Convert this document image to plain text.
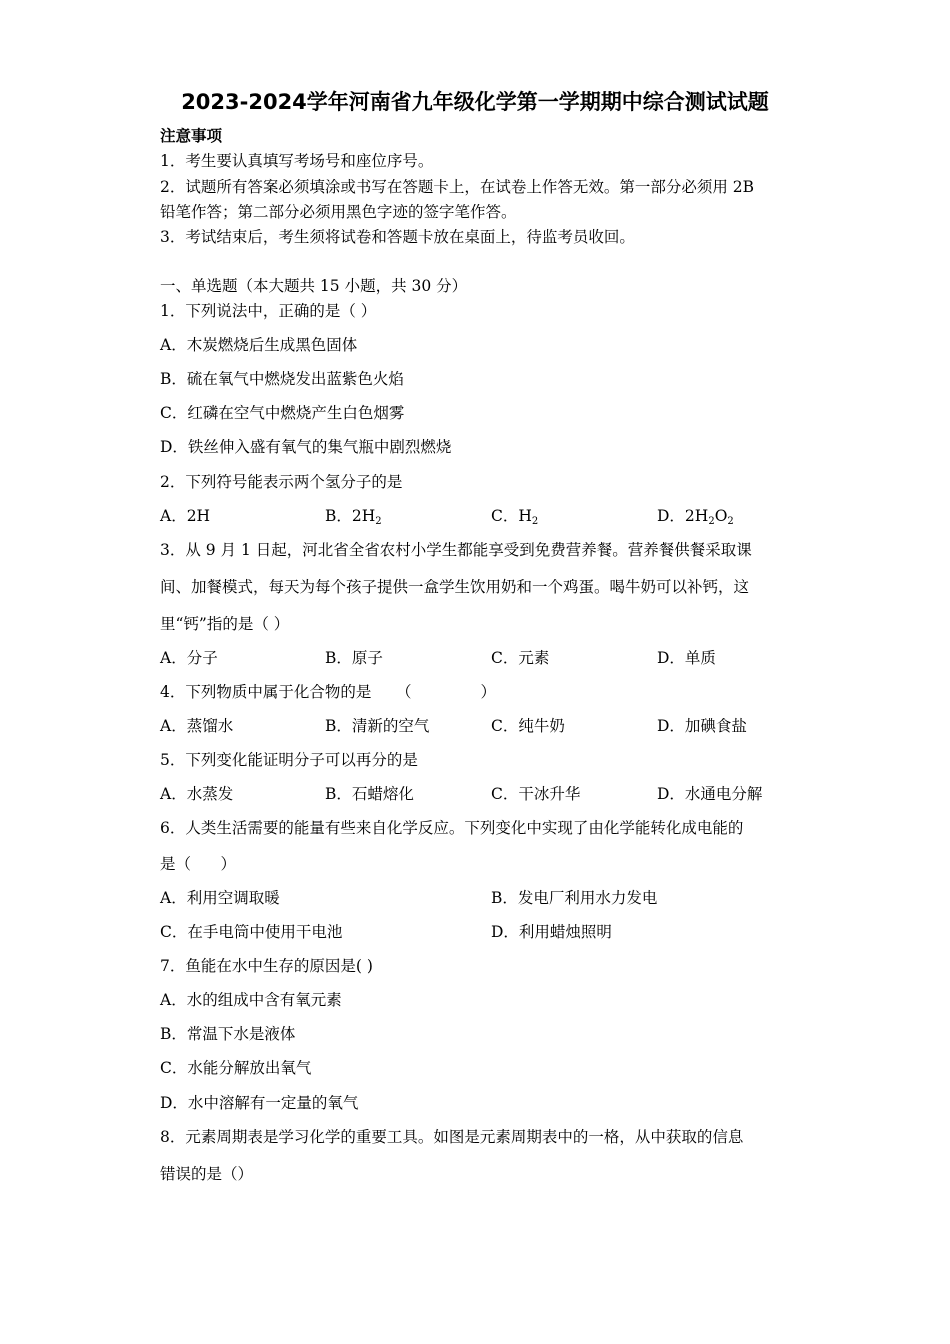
2023-2024学年河南省九年级化学第一学期期中综合测试试题
注意事项
1．考生要认真填写考场号和座位序号。
2．试题所有答案必须填涂或书写在答题卡上，在试卷上作答无效。第一部分必须用 2B
铅笔作答；第二部分必须用黑色字迹的签字笔作答。
3．考试结束后，考生须将试卷和答题卡放在桌面上，待监考员收回。
一、单选题（本大题共 15 小题，共 30 分）
1．下列说法中，正确的是（ ）
A．木炭燃烧后生成黑色固体
B．硫在氧气中燃烧发出蓝紫色火焰
C．红磷在空气中燃烧产生白色烟雾
D．铁丝伸入盛有氧气的集气瓶中剧烈燃烧
2．下列符号能表示两个氢分子的是
A．2H	B．$2H_2$	C．$H_2$	D．$2H_2O_2$
3．从 9 月 1 日起，河北省全省农村小学生都能享受到免费营养餐。营养餐供餐采取课
间、加餐模式，每天为每个孩子提供一盒学生饮用奶和一个鸡蛋。喝牛奶可以补钙，这
里“钙”指的是（ ）
A．分子	B．原子	C．元素	D．单质
4．下列物质中属于化合物的是     （              ）
A．蒸馏水	B．清新的空气	C．纯牛奶	D．加碘食盐
5．下列变化能证明分子可以再分的是
A．水蒸发	B．石蜡熔化	C．干冰升华	D．水通电分解
6．人类生活需要的能量有些来自化学反应。下列变化中实现了由化学能转化成电能的
是（      ）
A．利用空调取暖	B．发电厂利用水力发电
C．在手电筒中使用干电池	D．利用蜡烛照明
7．鱼能在水中生存的原因是( )
A．水的组成中含有氧元素
B．常温下水是液体
C．水能分解放出氧气
D．水中溶解有一定量的氧气
8．元素周期表是学习化学的重要工具。如图是元素周期表中的一格，从中获取的信息
错误的是（）
